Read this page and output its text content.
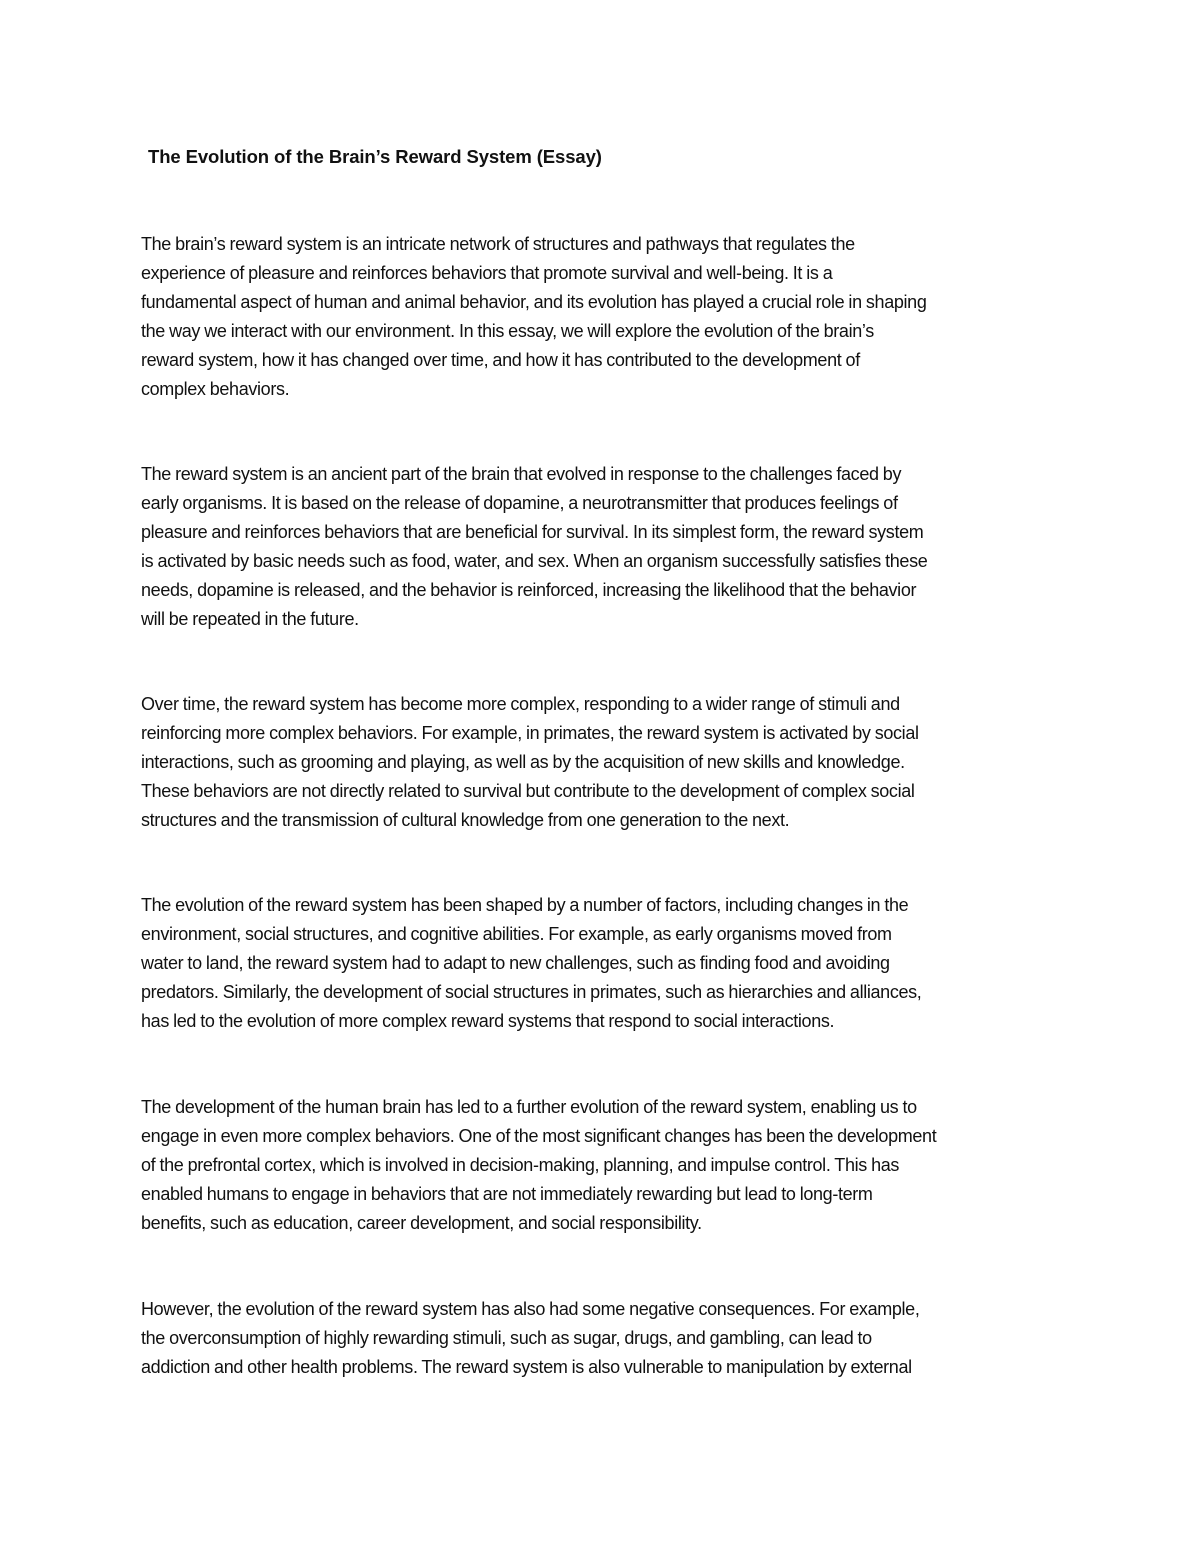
The Evolution of the Brain’s Reward System (Essay)

The brain’s reward system is an intricate network of structures and pathways that regulates the
experience of pleasure and reinforces behaviors that promote survival and well-being. It is a
fundamental aspect of human and animal behavior, and its evolution has played a crucial role in shaping
the way we interact with our environment. In this essay, we will explore the evolution of the brain’s
reward system, how it has changed over time, and how it has contributed to the development of
complex behaviors.

The reward system is an ancient part of the brain that evolved in response to the challenges faced by
early organisms. It is based on the release of dopamine, a neurotransmitter that produces feelings of
pleasure and reinforces behaviors that are beneficial for survival. In its simplest form, the reward system
is activated by basic needs such as food, water, and sex. When an organism successfully satisfies these
needs, dopamine is released, and the behavior is reinforced, increasing the likelihood that the behavior
will be repeated in the future.

Over time, the reward system has become more complex, responding to a wider range of stimuli and
reinforcing more complex behaviors. For example, in primates, the reward system is activated by social
interactions, such as grooming and playing, as well as by the acquisition of new skills and knowledge.
These behaviors are not directly related to survival but contribute to the development of complex social
structures and the transmission of cultural knowledge from one generation to the next.

The evolution of the reward system has been shaped by a number of factors, including changes in the
environment, social structures, and cognitive abilities. For example, as early organisms moved from
water to land, the reward system had to adapt to new challenges, such as finding food and avoiding
predators. Similarly, the development of social structures in primates, such as hierarchies and alliances,
has led to the evolution of more complex reward systems that respond to social interactions.

The development of the human brain has led to a further evolution of the reward system, enabling us to
engage in even more complex behaviors. One of the most significant changes has been the development
of the prefrontal cortex, which is involved in decision-making, planning, and impulse control. This has
enabled humans to engage in behaviors that are not immediately rewarding but lead to long-term
benefits, such as education, career development, and social responsibility.

However, the evolution of the reward system has also had some negative consequences. For example,
the overconsumption of highly rewarding stimuli, such as sugar, drugs, and gambling, can lead to
addiction and other health problems. The reward system is also vulnerable to manipulation by external
